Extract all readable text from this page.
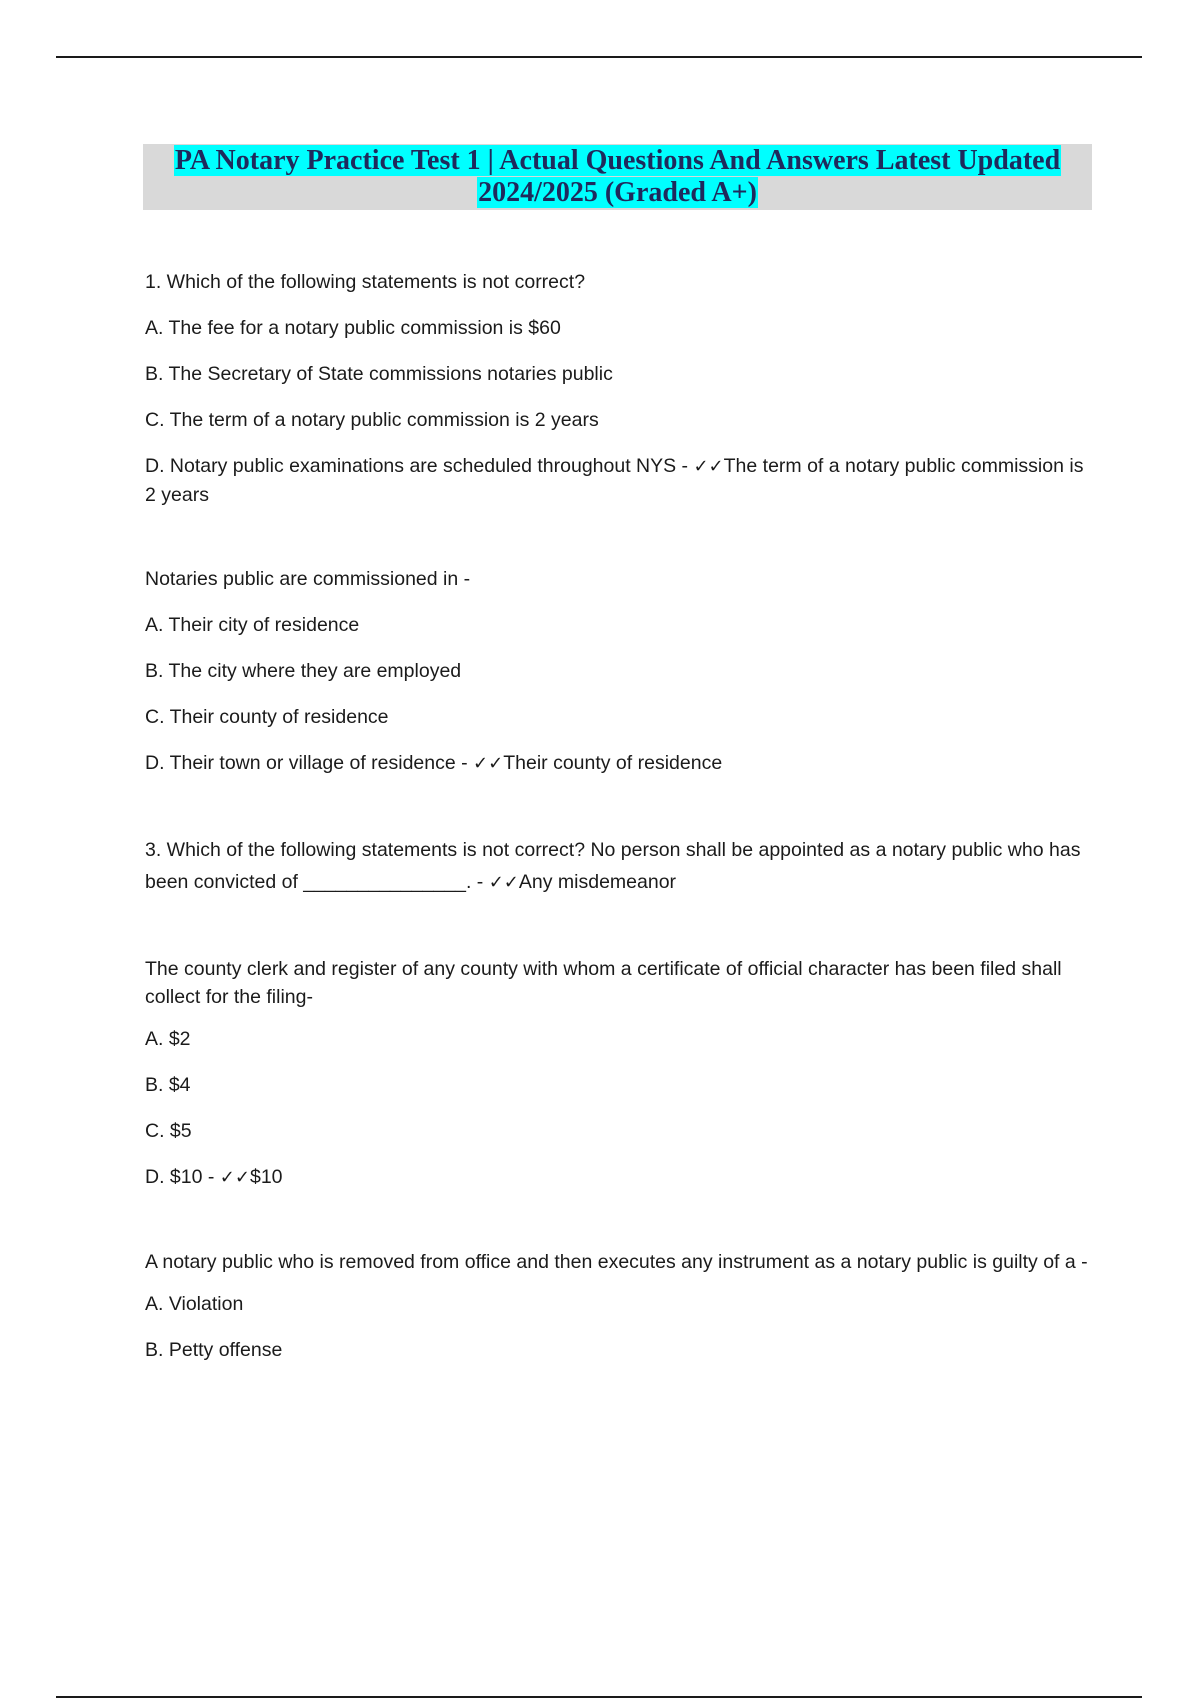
PA Notary Practice Test 1 | Actual Questions And Answers Latest Updated
2024/2025 (Graded A+)

1. Which of the following statements is not correct?

A. The fee for a notary public commission is $60

B. The Secretary of State commissions notaries public

C. The term of a notary public commission is 2 years

D. Notary public examinations are scheduled throughout NYS - ✓✓The term of a notary public commission is 2 years

Notaries public are commissioned in -

A. Their city of residence

B. The city where they are employed

C. Their county of residence

D. Their town or village of residence - ✓✓Their county of residence

3. Which of the following statements is not correct? No person shall be appointed as a notary public who has been convicted of _______________. - ✓✓Any misdemeanor

The county clerk and register of any county with whom a certificate of official character has been filed shall collect for the filing-

A. $2

B. $4

C. $5

D. $10 - ✓✓$10

A notary public who is removed from office and then executes any instrument as a notary public is guilty of a -

A. Violation

B. Petty offense
